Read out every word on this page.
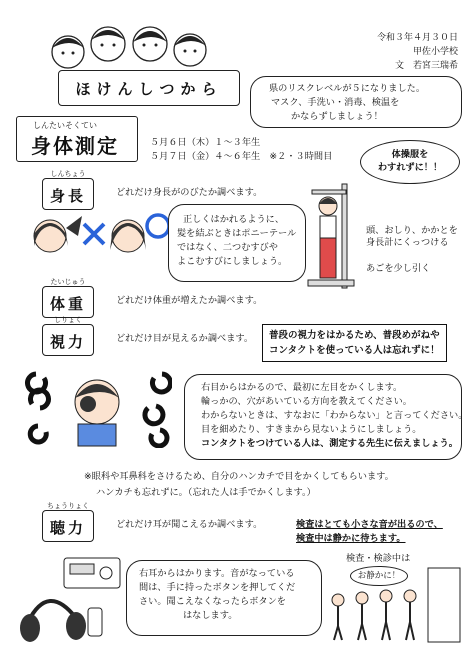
令和３年４月３０日
甲佐小学校
文　若宮三瑞希
ほけんしつから	県のリスクレベルが５になりました。
マスク、手洗い・消毒、検温を
かならずしましょう！
しんたいそくてい
身体測定	５月６日（木）１～３年生
５月７日（金）４～６年生　※２・３時間目	体操服を
わすれずに！！
しんちょう
身長	どれだけ身長がのびたか調べます。
正しくはかれるように、
髪を結ぶときはポニーテール
ではなく、二つむすびや
よこむすびにしましょう。
頭、おしり、かかとを
身長計にくっつける
あごを少し引く
たいじゅう
体重	どれだけ体重が増えたか調べます。
しりょく
視力	どれだけ目が見えるか調べます。 普段の視力をはかるため、普段めがねや
コンタクトを使っている人は忘れずに！
右目からはかるので、最初に左目をかくします。
輪っかの、穴があいている方向を教えてください。
わからないときは、すなおに「わからない」と言ってください。
目を細めたり、すきまから見ないようにしましょう。
コンタクトをつけている人は、測定する先生に伝えましょう。
※眼科や耳鼻科をさけるため、自分のハンカチで目をかくしてもらいます。
ハンカチも忘れずに。（忘れた人は手でかくします。）
ちょうりょく
聴力	どれだけ耳が聞こえるか調べます。	検査はとても小さな音が出るので、
検査中は静かに待ちます。
右耳からはかります。音がなっている
間は、手に持ったボタンを押してくだ
さい。聞こえなくなったらボタンを
はなします。
検査・検診中は
お静かに！
